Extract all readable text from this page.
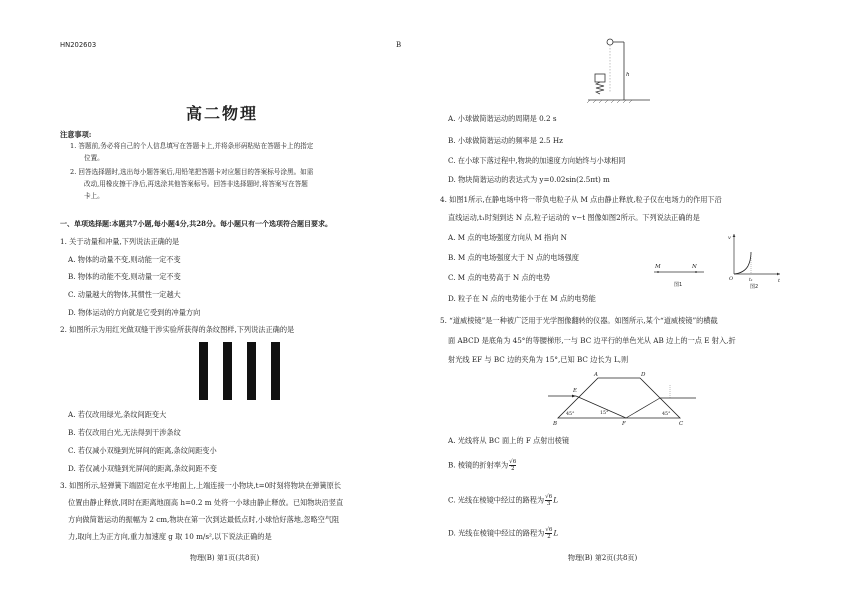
HN202603	B
高二物理
注意事项:
1. 答题前,务必将自己的个人信息填写在答题卡上,并将条形码粘贴在答题卡上的指定
位置。
2. 回答选择题时,选出每小题答案后,用铅笔把答题卡对应题目的答案标号涂黑。如需
改动,用橡皮擦干净后,再选涂其他答案标号。回答非选择题时,将答案写在答题
卡上。
一、单项选择题:本题共7小题,每小题4分,共28分。每小题只有一个选项符合题目要求。
1. 关于动量和冲量,下列说法正确的是
A. 物体的动量不变,则动能一定不变
B. 物体的动能不变,则动量一定不变
C. 动量越大的物体,其惯性一定越大
D. 物体运动的方向就是它受到的冲量方向
2. 如图所示为用红光做双缝干涉实验所获得的条纹图样,下列说法正确的是
A. 若仅改用绿光,条纹间距变大
B. 若仅改用白光,无法得到干涉条纹
C. 若仅减小双缝到光屏间的距离,条纹间距变小
D. 若仅减小双缝到光屏间的距离,条纹间距不变
3. 如图所示,轻弹簧下端固定在水平地面上,上端连接一小物块,t=0时刻将物块在弹簧原长
位置由静止释放,同时在距离地面高 h=0.2 m 处将一小球由静止释放。已知物块沿竖直
方向做简谐运动的振幅为 2 cm,物块在第一次到达最低点时,小球恰好落地,忽略空气阻
力,取向上为正方向,重力加速度 g 取 10 m/s²,以下说法正确的是
物理(B) 第1页(共8页)
h
A. 小球做简谐运动的周期是 0.2 s
B. 小球做简谐运动的频率是 2.5 Hz
C. 在小球下落过程中,物块的加速度方向始终与小球相同
D. 物块简谐运动的表达式为 y=0.02sin(2.5πt) m
4. 如图1所示,在静电场中将一带负电粒子从 M 点由静止释放,粒子仅在电场力的作用下沿
直线运动,t₁时刻到达 N 点,粒子运动的 v−t 图像如图2所示。下列说法正确的是
A. M 点的电场强度方向从 M 指向 N
B. M 点的电场强度大于 N 点的电场强度
C. M 点的电势高于 N 点的电势
D. 粒子在 N 点的电势能小于在 M 点的电势能
M	N
图1
v
t
O	t₁
图2
5. “道威棱镜”是一种被广泛用于光学图像翻转的仪器。如图所示,某个“道威棱镜”的横截
面 ABCD 是底角为 45°的等腰梯形,一与 BC 边平行的单色光从 AB 边上的一点 E 射入,折
射光线 EF 与 BC 边的夹角为 15°,已知 BC 边长为 L,则
A	D
E
B	F	C
45°	15°	45°
A. 光线将从 BC 面上的 F 点射出棱镜
B. 棱镜的折射率为 $\frac{√6}{2}$
C. 光线在棱镜中经过的路程为 $\frac{√6}{3}$ L
D. 光线在棱镜中经过的路程为 $\frac{√6}{2}$ L
物理(B) 第2页(共8页)
